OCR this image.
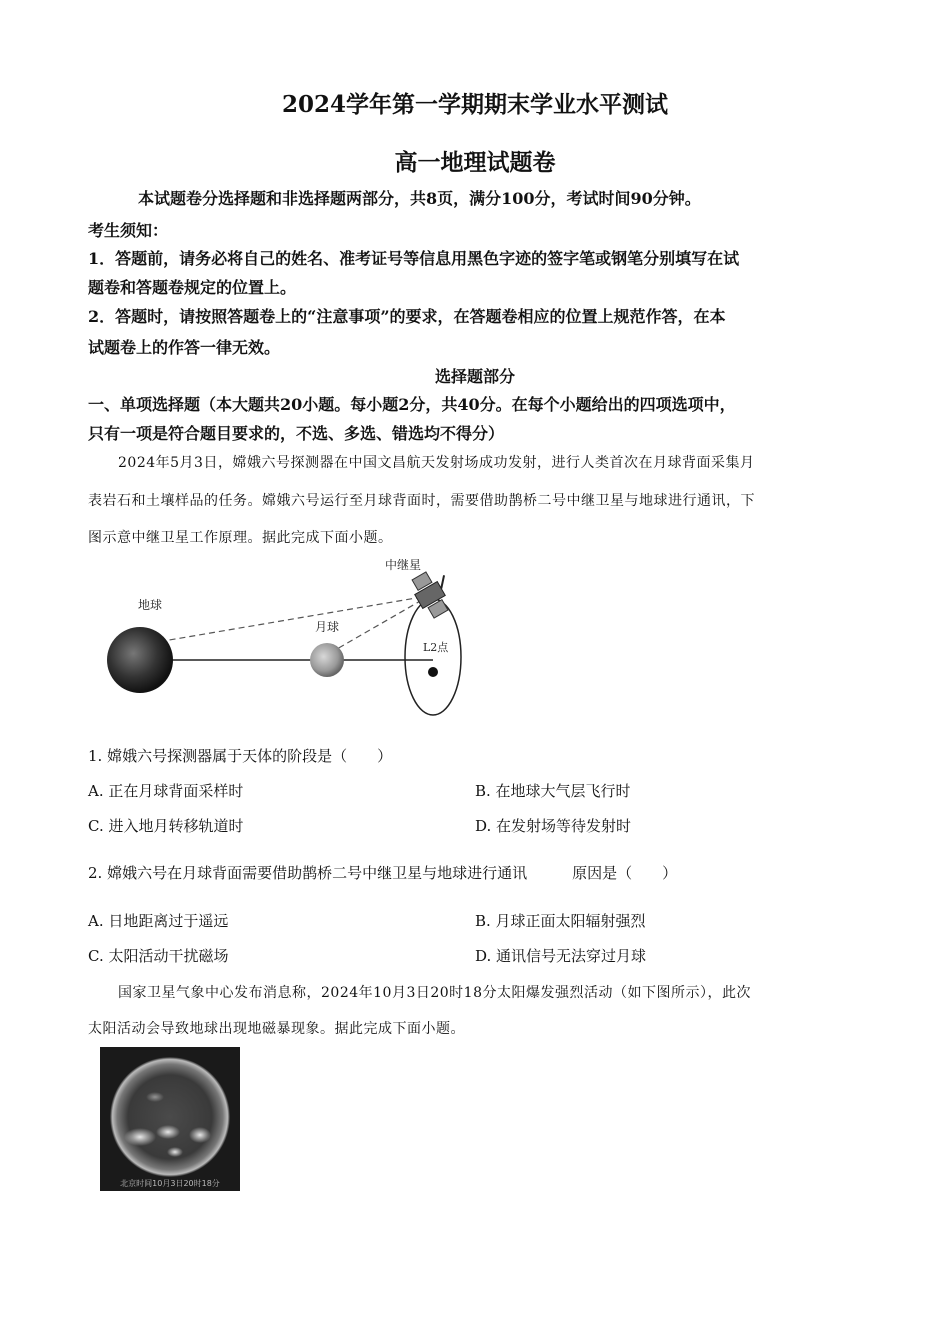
2024学年第一学期期末学业水平测试
高一地理试题卷
本试题卷分选择题和非选择题两部分，共8页，满分100分，考试时间90分钟。
考生须知：
1．答题前，请务必将自己的姓名、准考证号等信息用黑色字迹的签字笔或钢笔分别填写在试
题卷和答题卷规定的位置上。
2．答题时，请按照答题卷上的“注意事项”的要求，在答题卷相应的位置上规范作答，在本
试题卷上的作答一律无效。
选择题部分
一、单项选择题（本大题共20小题。每小题2分，共40分。在每个小题给出的四项选项中，
只有一项是符合题目要求的，不选、多选、错选均不得分）
2024年5月3日，嫦娥六号探测器在中国文昌航天发射场成功发射，进行人类首次在月球背面采集月
表岩石和土壤样品的任务。嫦娥六号运行至月球背面时，需要借助鹊桥二号中继卫星与地球进行通讯，下
图示意中继卫星工作原理。据此完成下面小题。
地球
月球
中继星
L2点
1. 嫦娥六号探测器属于天体的阶段是（　　）
A. 正在月球背面采样时	B. 在地球大气层飞行时
C. 进入地月转移轨道时	D. 在发射场等待发射时
2. 嫦娥六号在月球背面需要借助鹊桥二号中继卫星与地球进行通讯　　　原因是（　　）
A. 日地距离过于遥远	B. 月球正面太阳辐射强烈
C. 太阳活动干扰磁场	D. 通讯信号无法穿过月球
国家卫星气象中心发布消息称，2024年10月3日20时18分太阳爆发强烈活动（如下图所示），此次
太阳活动会导致地球出现地磁暴现象。据此完成下面小题。
北京时间10月3日20时18分
